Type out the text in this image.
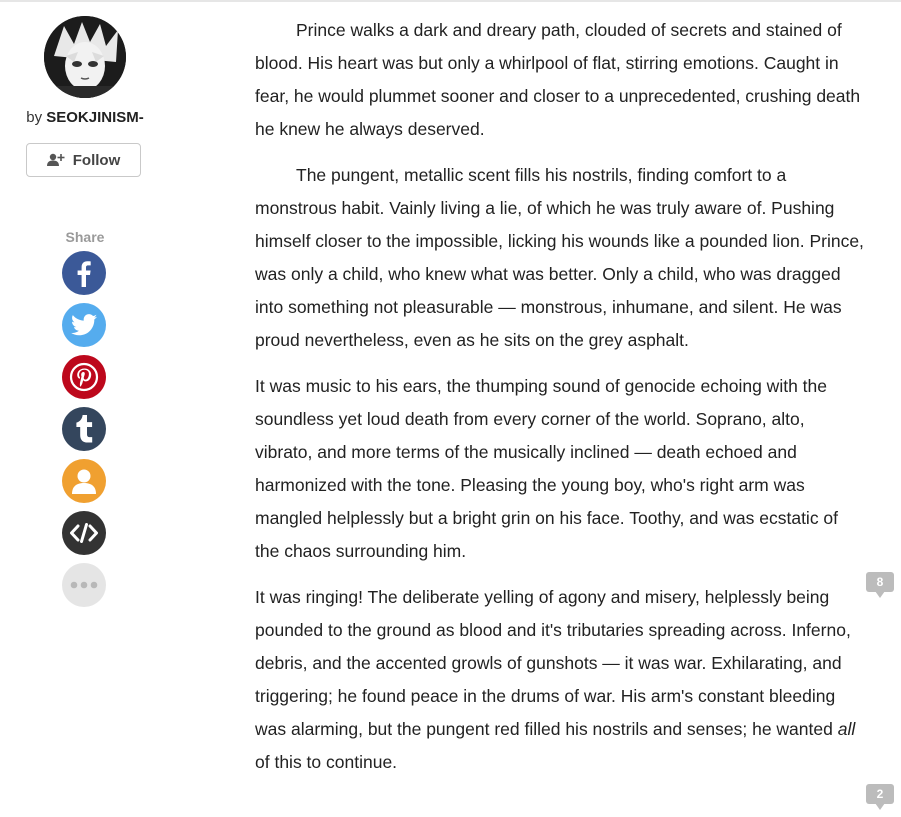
by SEOKJINISM-
Follow
Share

Prince walks a dark and dreary path, clouded of secrets and stained of blood. His heart was but only a whirlpool of flat, stirring emotions. Caught in fear, he would plummet sooner and closer to a unprecedented, crushing death he knew he always deserved.

The pungent, metallic scent fills his nostrils, finding comfort to a monstrous habit. Vainly living a lie, of which he was truly aware of. Pushing himself closer to the impossible, licking his wounds like a pounded lion. Prince, was only a child, who knew what was better. Only a child, who was dragged into something not pleasurable — monstrous, inhumane, and silent. He was proud nevertheless, even as he sits on the grey asphalt.

It was music to his ears, the thumping sound of genocide echoing with the soundless yet loud death from every corner of the world. Soprano, alto, vibrato, and more terms of the musically inclined — death echoed and harmonized with the tone. Pleasing the young boy, who's right arm was mangled helplessly but a bright grin on his face. Toothy, and was ecstatic of the chaos surrounding him.

It was ringing! The deliberate yelling of agony and misery, helplessly being pounded to the ground as blood and it's tributaries spreading across. Inferno, debris, and the accented growls of gunshots — it was war. Exhilarating, and triggering; he found peace in the drums of war. His arm's constant bleeding was alarming, but the pungent red filled his nostrils and senses; he wanted all of this to continue.

8
2
